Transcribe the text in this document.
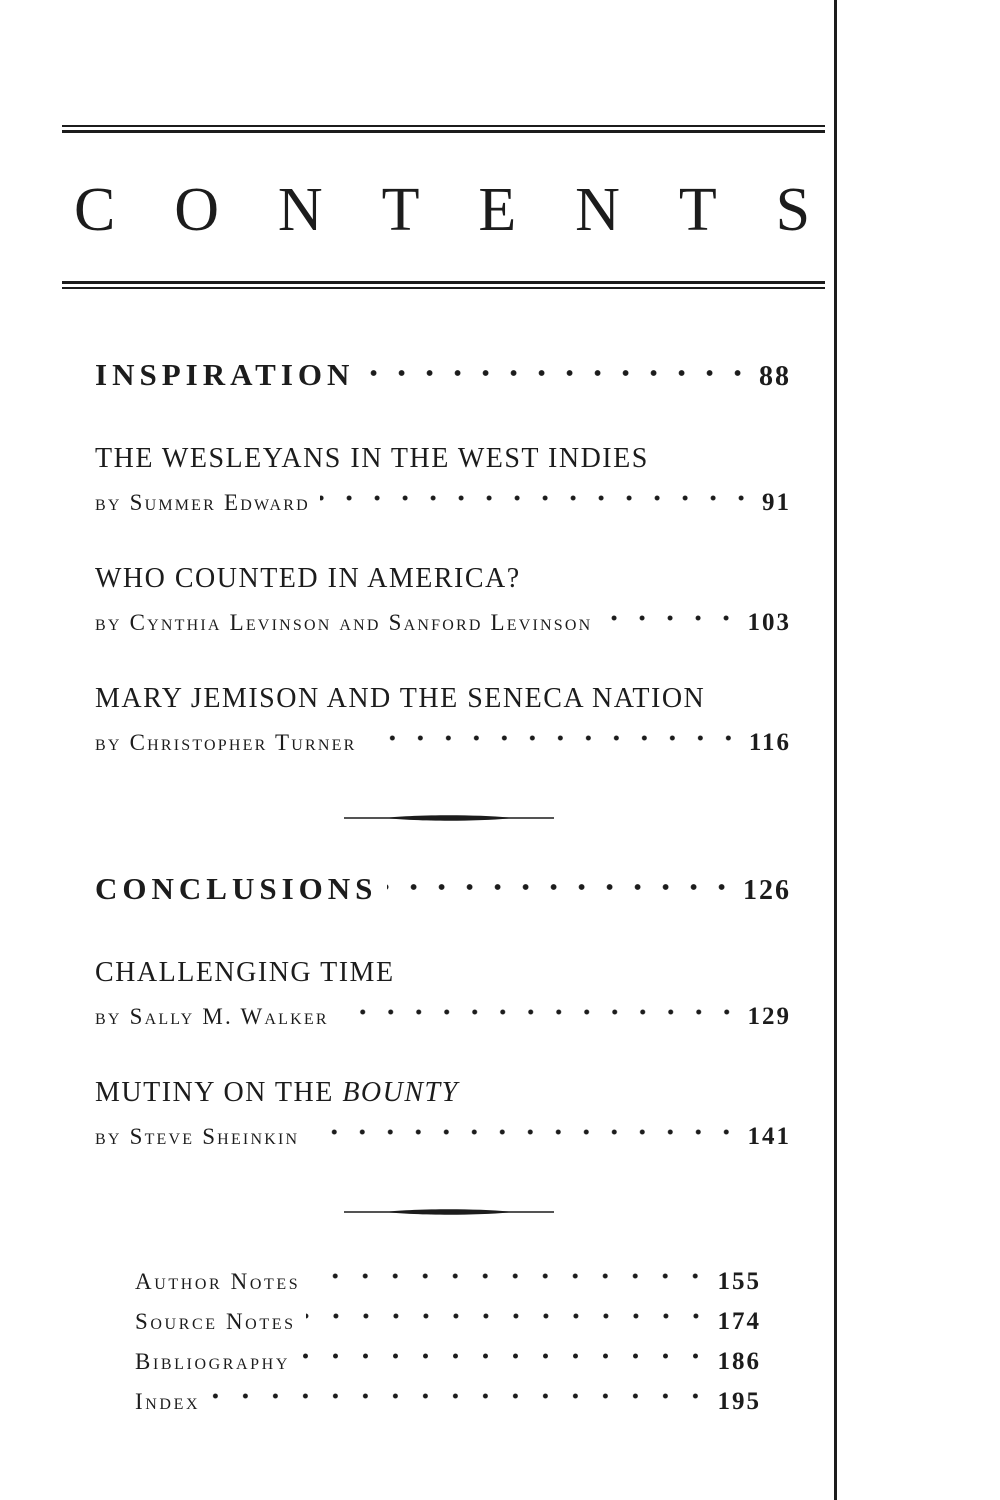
CONTENTS
INSPIRATION	88
THE WESLEYANS IN THE WEST INDIES
by Summer Edward	91
WHO COUNTED IN AMERICA?
by Cynthia Levinson and Sanford Levinson	103
MARY JEMISON AND THE SENECA NATION
by Christopher Turner	116
CONCLUSIONS	126
CHALLENGING TIME
by Sally M. Walker	129
MUTINY ON THE BOUNTY
by Steve Sheinkin	141
Author Notes	155
Source Notes	174
Bibliography	186
Index	195
